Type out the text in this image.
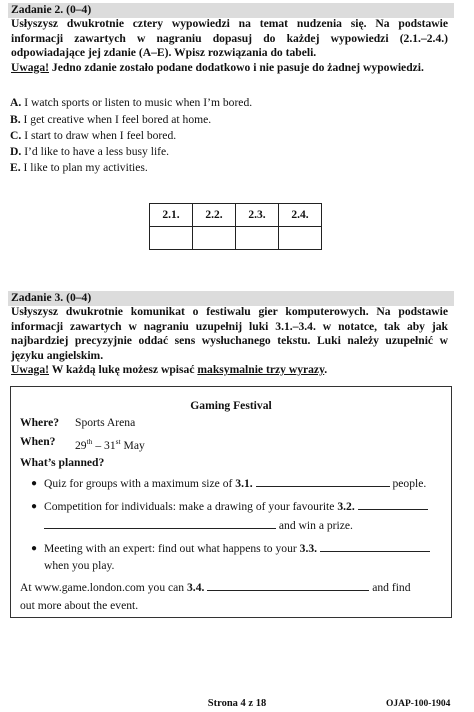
Zadanie 2. (0–4)
Usłyszysz dwukrotnie cztery wypowiedzi na temat nudzenia się. Na podstawie informacji zawartych w nagraniu dopasuj do każdej wypowiedzi (2.1.–2.4.) odpowiadające jej zdanie (A–E). Wpisz rozwiązania do tabeli.
Uwaga! Jedno zdanie zostało podane dodatkowo i nie pasuje do żadnej wypowiedzi.
A. I watch sports or listen to music when I’m bored.
B. I get creative when I feel bored at home.
C. I start to draw when I feel bored.
D. I’d like to have a less busy life.
E. I like to plan my activities.
2.1.	2.2.	2.3.	2.4.

Zadanie 3. (0–4)
Usłyszysz dwukrotnie komunikat o festiwalu gier komputerowych. Na podstawie informacji zawartych w nagraniu uzupełnij luki 3.1.–3.4. w notatce, tak aby jak najbardziej precyzyjnie oddać sens wysłuchanego tekstu. Luki należy uzupełnić w języku angielskim.
Uwaga! W każdą lukę możesz wpisać maksymalnie trzy wyrazy.
Gaming Festival
Where? Sports Arena
When? 29th – 31st May
What’s planned?
● Quiz for groups with a maximum size of 3.1.	people.
● Competition for individuals: make a drawing of your favourite 3.2.
and win a prize.
● Meeting with an expert: find out what happens to your 3.3.
when you play.
At www.game.london.com you can 3.4.	and find
out more about the event.
Strona 4 z 18	OJAP-100-1904
